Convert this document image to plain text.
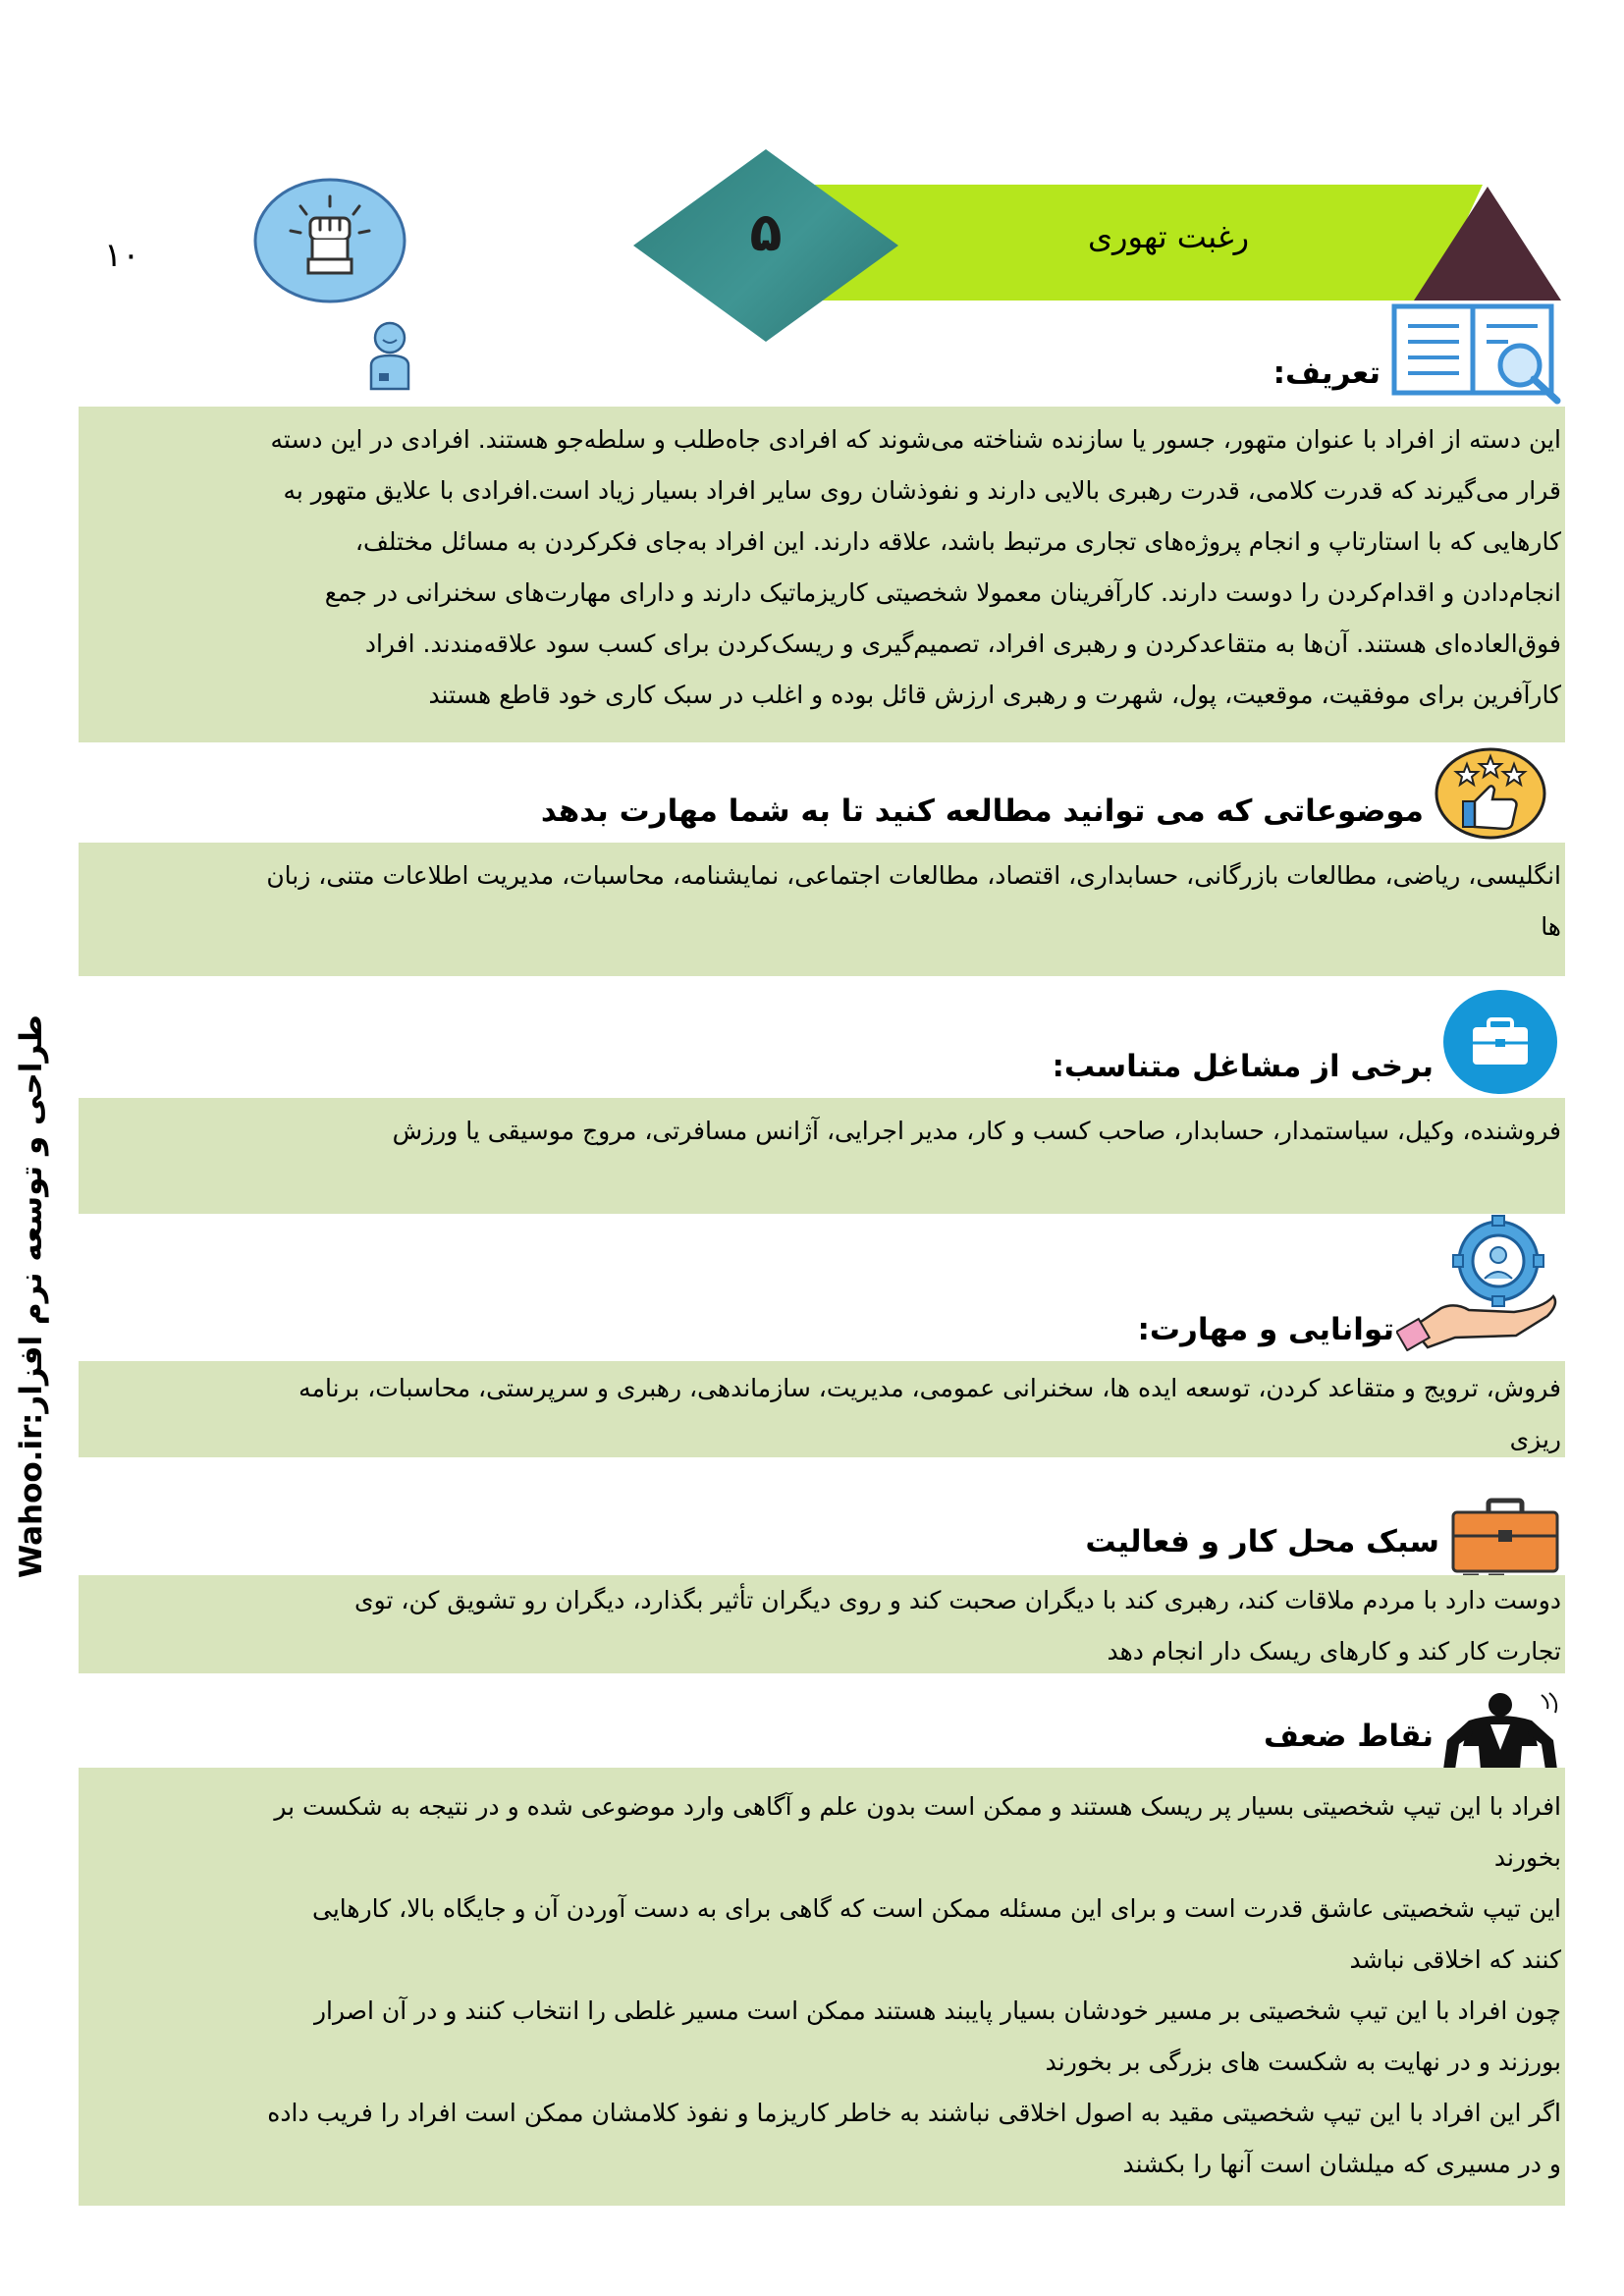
۱۰	رغبت تهوری
۵
Wahoo.ir
:طراحی و توسعه نرم افزار
تعریف:
این دسته از افراد با عنوان متهور، جسور یا سازنده شناخته می‌شوند که افرادی جاه‌طلب و سلطه‌جو هستند. افرادی در این دسته
قرار می‌گیرند که قدرت کلامی، قدرت رهبری بالایی دارند و نفوذشان روی سایر افراد بسیار زیاد است.افرادی با علایق متهور به
کارهایی که با استارتاپ و انجام پروژه‌های تجاری مرتبط باشد، علاقه دارند. این افراد به‌جای فکرکردن به مسائل مختلف،
انجام‌دادن و اقدام‌کردن را دوست دارند. کارآفرینان معمولا شخصیتی کاریزماتیک دارند و دارای مهارت‌های سخنرانی در جمع
فوق‌العاده‌ای هستند. آن‌ها به متقاعدکردن و رهبری افراد، تصمیم‌گیری و ریسک‌کردن برای کسب سود علاقه‌مندند. افراد
کارآفرین برای موفقیت، موقعیت، پول، شهرت و رهبری ارزش قائل بوده و اغلب در سبک کاری خود قاطع هستند
موضوعاتی که می توانید مطالعه کنید تا به شما مهارت بدهد
انگلیسی، ریاضی، مطالعات بازرگانی، حسابداری، اقتصاد، مطالعات اجتماعی، نمایشنامه، محاسبات، مدیریت اطلاعات متنی، زبان
ها
برخی از مشاغل متناسب:
فروشنده، وکیل، سیاستمدار، حسابدار، صاحب کسب و کار، مدیر اجرایی، آژانس مسافرتی، مروج موسیقی یا ورزش
توانایی و مهارت:
فروش، ترویج و متقاعد کردن، توسعه ایده ها، سخنرانی عمومی، مدیریت، سازماندهی، رهبری و سرپرستی، محاسبات، برنامه
ریزی
سبک محل کار و فعالیت
دوست دارد با مردم ملاقات کند، رهبری کند با دیگران صحبت کند و روی دیگران تأثیر بگذارد، دیگران رو تشویق کن، توی
تجارت کار کند و کارهای ریسک دار انجام دهد
نقاط ضعف
افراد با این تیپ شخصیتی بسیار پر ریسک هستند و ممکن است بدون علم و آگاهی وارد موضوعی شده و در نتیجه به شکست بر
بخورند
این تیپ شخصیتی عاشق قدرت است و برای این مسئله ممکن است که گاهی برای به دست آوردن آن و جایگاه بالا، کارهایی
کنند که اخلاقی نباشد
چون افراد با این تیپ شخصیتی بر مسیر خودشان بسیار پایبند هستند ممکن است مسیر غلطی را انتخاب کنند و در آن اصرار
بورزند و در نهایت به شکست های بزرگی بر بخورند
اگر این افراد با این تیپ شخصیتی مقید به اصول اخلاقی نباشند به خاطر کاریزما و نفوذ کلامشان ممکن است افراد را فریب داده
و در مسیری که میلشان است آنها را بکشند
